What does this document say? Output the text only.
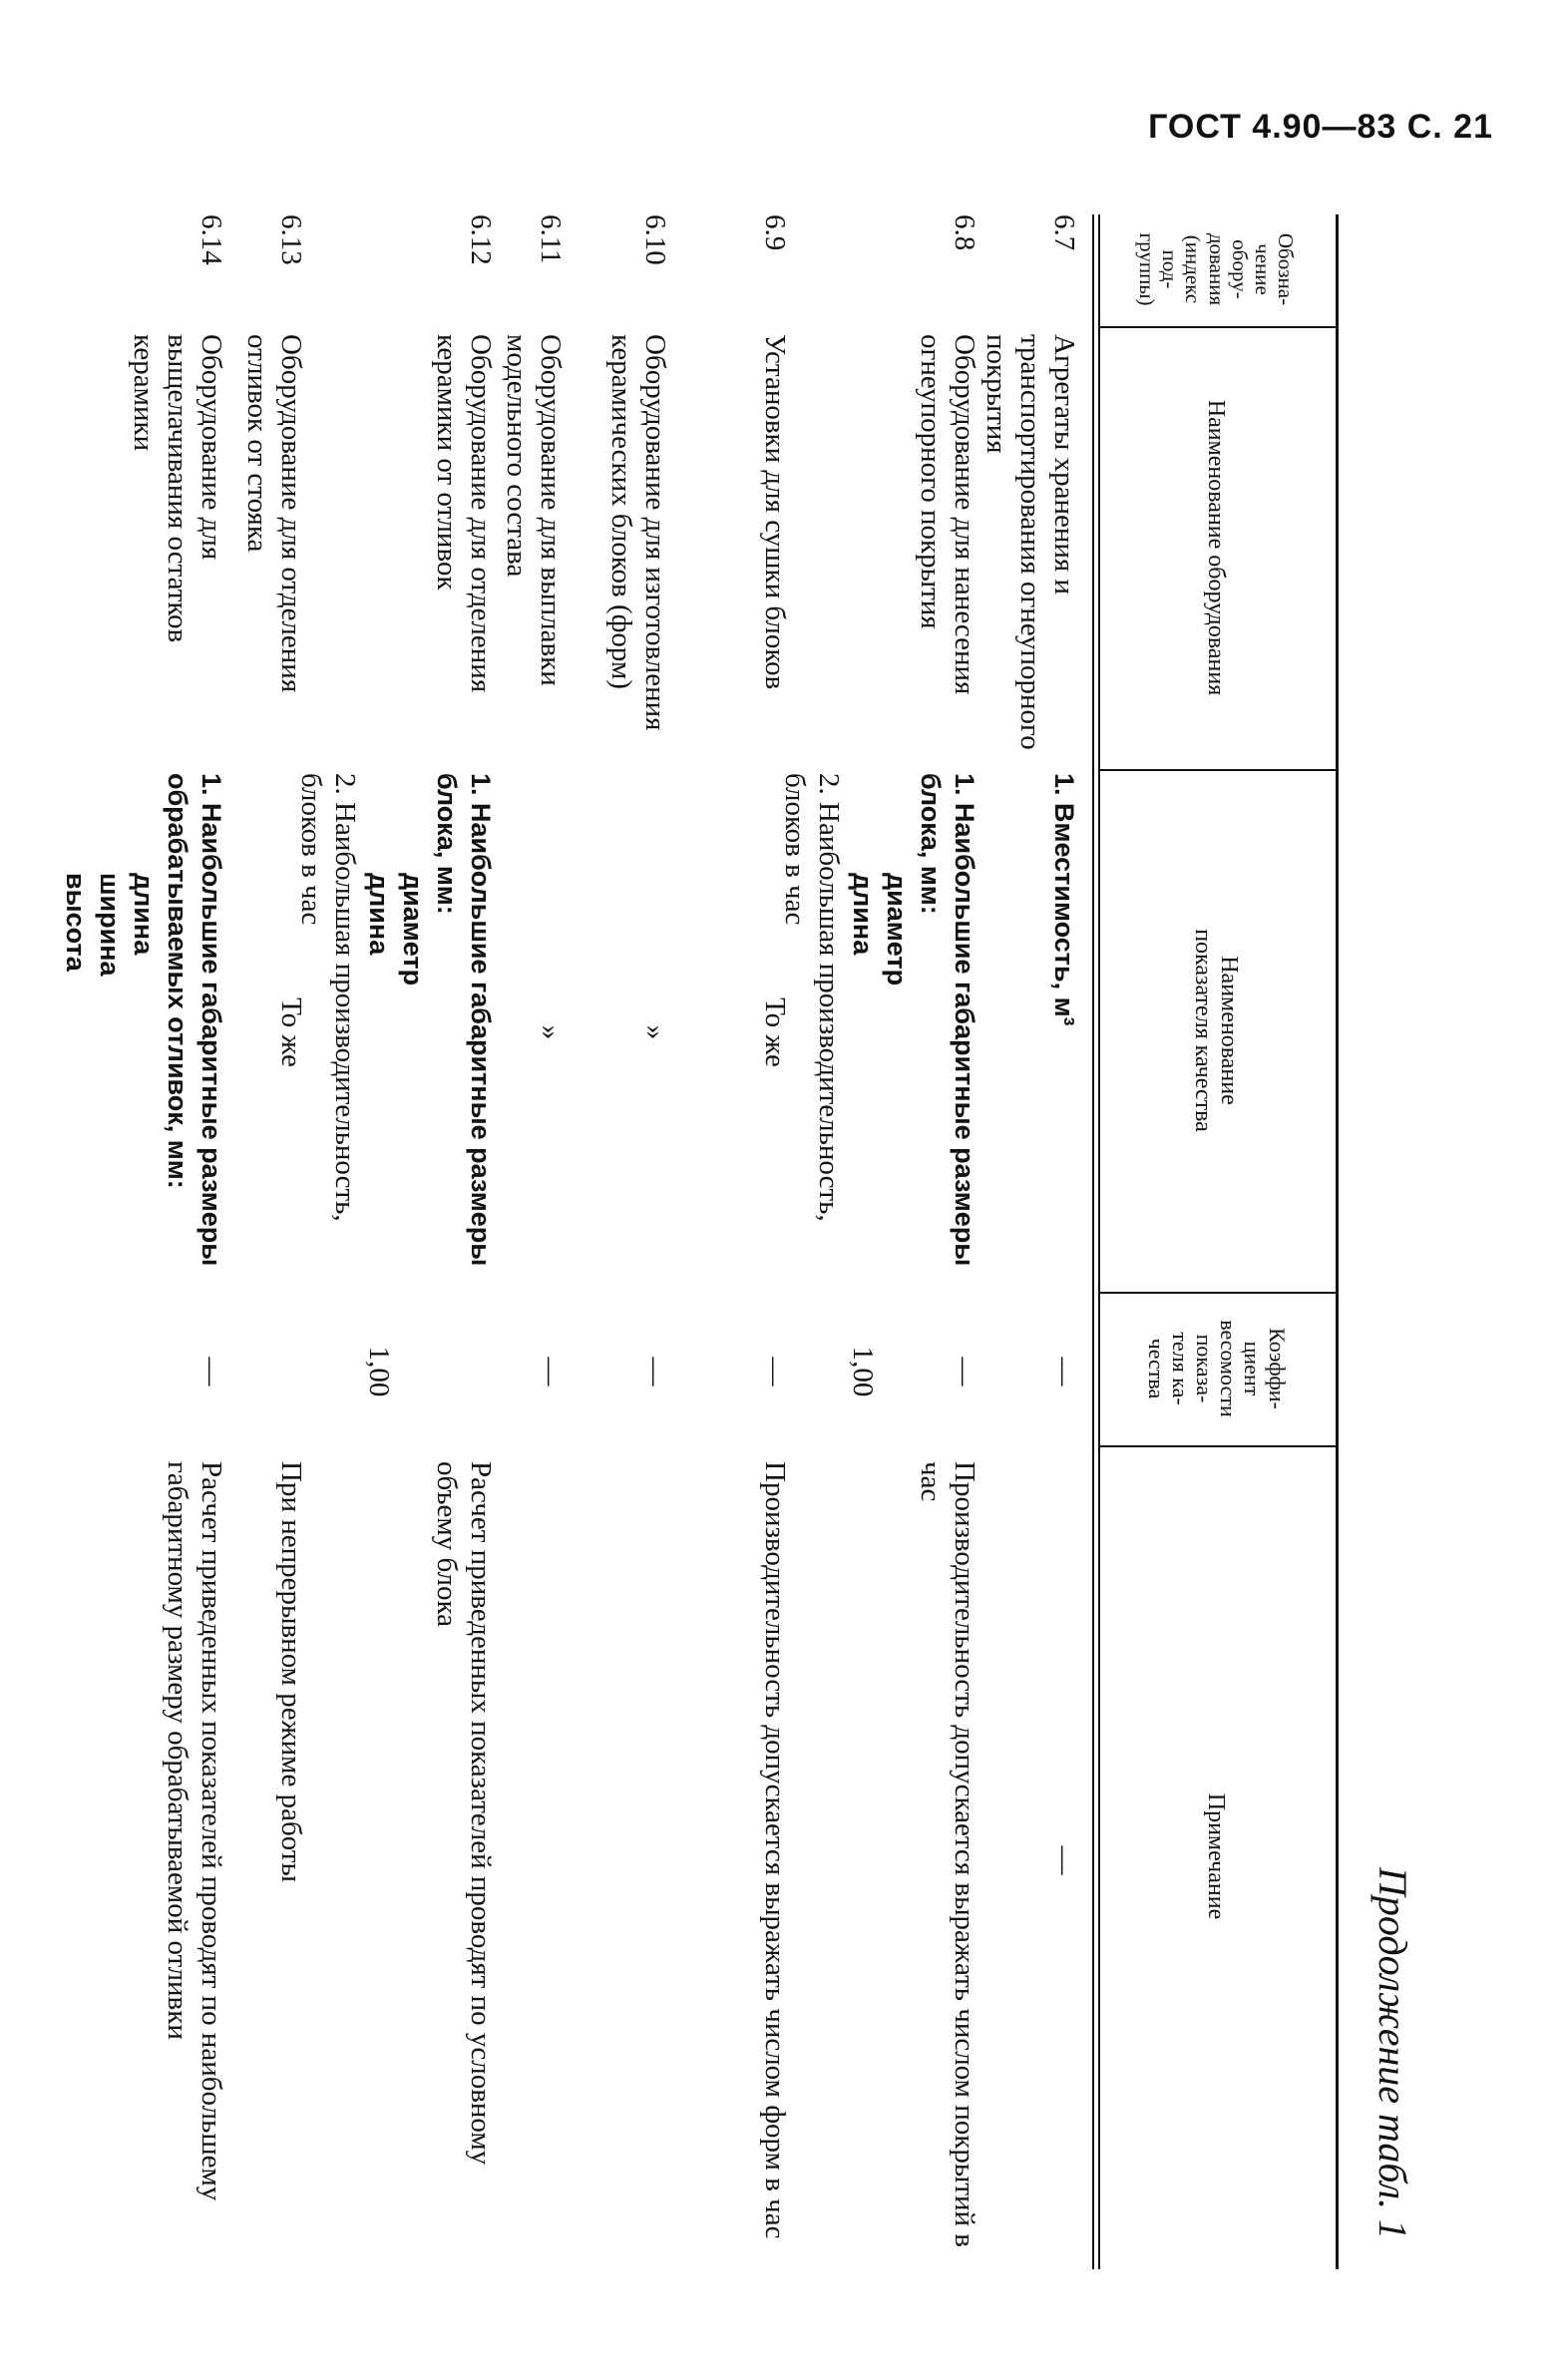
ГОСТ 4.90—83 С. 21
Продолжение табл. 1
Обозна-
чение
обору-
дования
(индекс
под-
группы)
Наименование оборудования
Наименование
показателя качества
Коэффи-
циент
весомости
показа-
теля ка-
чества
Примечание
6.7
Агрегаты хранения и транспортирования огнеупорного покрытия
1. Вместимость, м³
—
—
6.8
Оборудование для нанесения огнеупорного покрытия
1. Наибольшие габаритные размеры блока, мм:
диаметр
длина
2. Наибольшая производительность, блоков в час
—
1,00
Производительность допускается выражать числом покрытий в час
6.9
Установки для сушки блоков
То же
—
Производительность допускается выражать числом форм в час
6.10
Оборудование для изготовления керамических блоков (форм)
»
—
6.11
Оборудование для выплавки модельного состава
»
—
6.12
Оборудование для отделения керамики от отливок
1. Наибольшие габаритные размеры блока, мм:
диаметр
длина
2. Наибольшая производительность, блоков в час
1,00
Расчет приведенных показателей проводят по условному объему блока
6.13
Оборудование для отделения отливок от стояка
То же
При непрерывном режиме работы
6.14
Оборудование для выщелачивания остатков керамики
1. Наибольшие габаритные размеры обрабатываемых отливок, мм:
длина
ширина
высота
—
Расчет приведенных показателей проводят по наибольшему габаритному размеру обрабатываемой отливки
